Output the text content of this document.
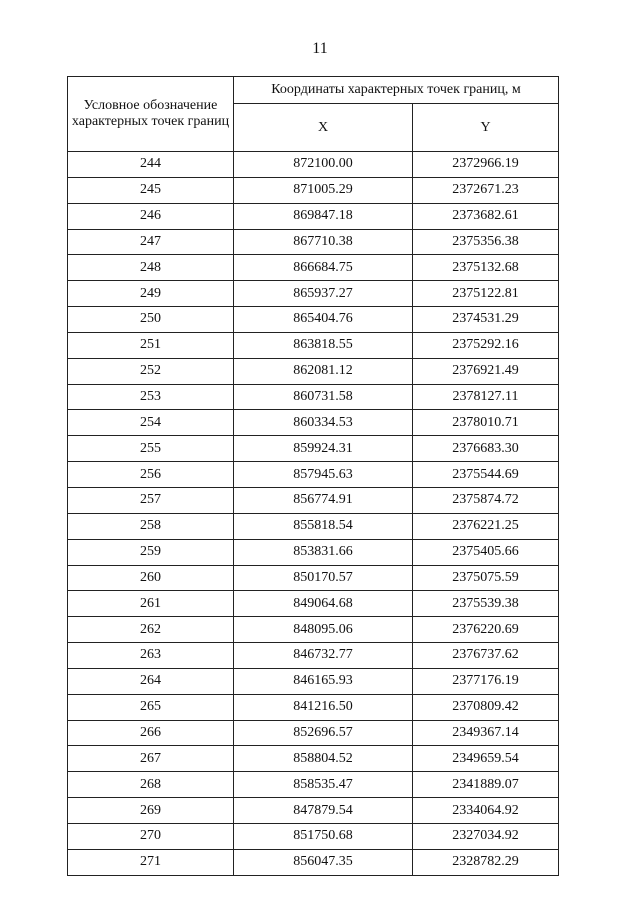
11
Условное обозначение характерных точек границ	Координаты характерных точек границ, м	
	X	Y
244	872100.00	2372966.19
245	871005.29	2372671.23
246	869847.18	2373682.61
247	867710.38	2375356.38
248	866684.75	2375132.68
249	865937.27	2375122.81
250	865404.76	2374531.29
251	863818.55	2375292.16
252	862081.12	2376921.49
253	860731.58	2378127.11
254	860334.53	2378010.71
255	859924.31	2376683.30
256	857945.63	2375544.69
257	856774.91	2375874.72
258	855818.54	2376221.25
259	853831.66	2375405.66
260	850170.57	2375075.59
261	849064.68	2375539.38
262	848095.06	2376220.69
263	846732.77	2376737.62
264	846165.93	2377176.19
265	841216.50	2370809.42
266	852696.57	2349367.14
267	858804.52	2349659.54
268	858535.47	2341889.07
269	847879.54	2334064.92
270	851750.68	2327034.92
271	856047.35	2328782.29
